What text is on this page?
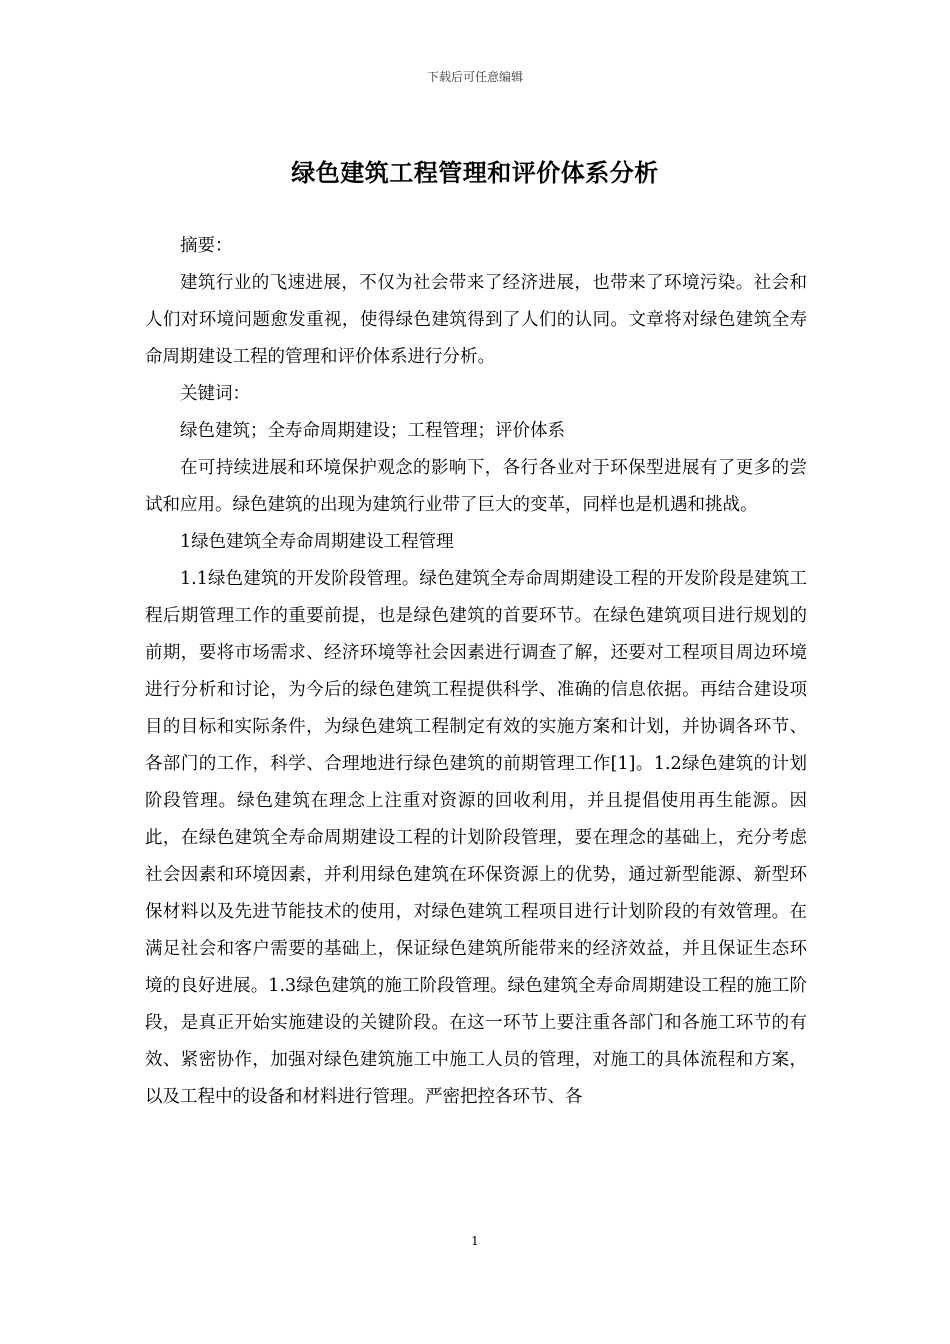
下载后可任意编辑
绿色建筑工程管理和评价体系分析

摘要：

建筑行业的飞速进展，不仅为社会带来了经济进展，也带来了环境污染。社会和人们对环境问题愈发重视，使得绿色建筑得到了人们的认同。文章将对绿色建筑全寿命周期建设工程的管理和评价体系进行分析。

关键词：

绿色建筑；全寿命周期建设；工程管理；评价体系

在可持续进展和环境保护观念的影响下，各行各业对于环保型进展有了更多的尝试和应用。绿色建筑的出现为建筑行业带了巨大的变革，同样也是机遇和挑战。

1绿色建筑全寿命周期建设工程管理

1.1绿色建筑的开发阶段管理。绿色建筑全寿命周期建设工程的开发阶段是建筑工程后期管理工作的重要前提，也是绿色建筑的首要环节。在绿色建筑项目进行规划的前期，要将市场需求、经济环境等社会因素进行调查了解，还要对工程项目周边环境进行分析和讨论，为今后的绿色建筑工程提供科学、准确的信息依据。再结合建设项目的目标和实际条件，为绿色建筑工程制定有效的实施方案和计划，并协调各环节、各部门的工作，科学、合理地进行绿色建筑的前期管理工作[1]。1.2绿色建筑的计划阶段管理。绿色建筑在理念上注重对资源的回收利用，并且提倡使用再生能源。因此，在绿色建筑全寿命周期建设工程的计划阶段管理，要在理念的基础上，充分考虑社会因素和环境因素，并利用绿色建筑在环保资源上的优势，通过新型能源、新型环保材料以及先进节能技术的使用，对绿色建筑工程项目进行计划阶段的有效管理。在满足社会和客户需要的基础上，保证绿色建筑所能带来的经济效益，并且保证生态环境的良好进展。1.3绿色建筑的施工阶段管理。绿色建筑全寿命周期建设工程的施工阶段，是真正开始实施建设的关键阶段。在这一环节上要注重各部门和各施工环节的有效、紧密协作，加强对绿色建筑施工中施工人员的管理，对施工的具体流程和方案，以及工程中的设备和材料进行管理。严密把控各环节、各

1
